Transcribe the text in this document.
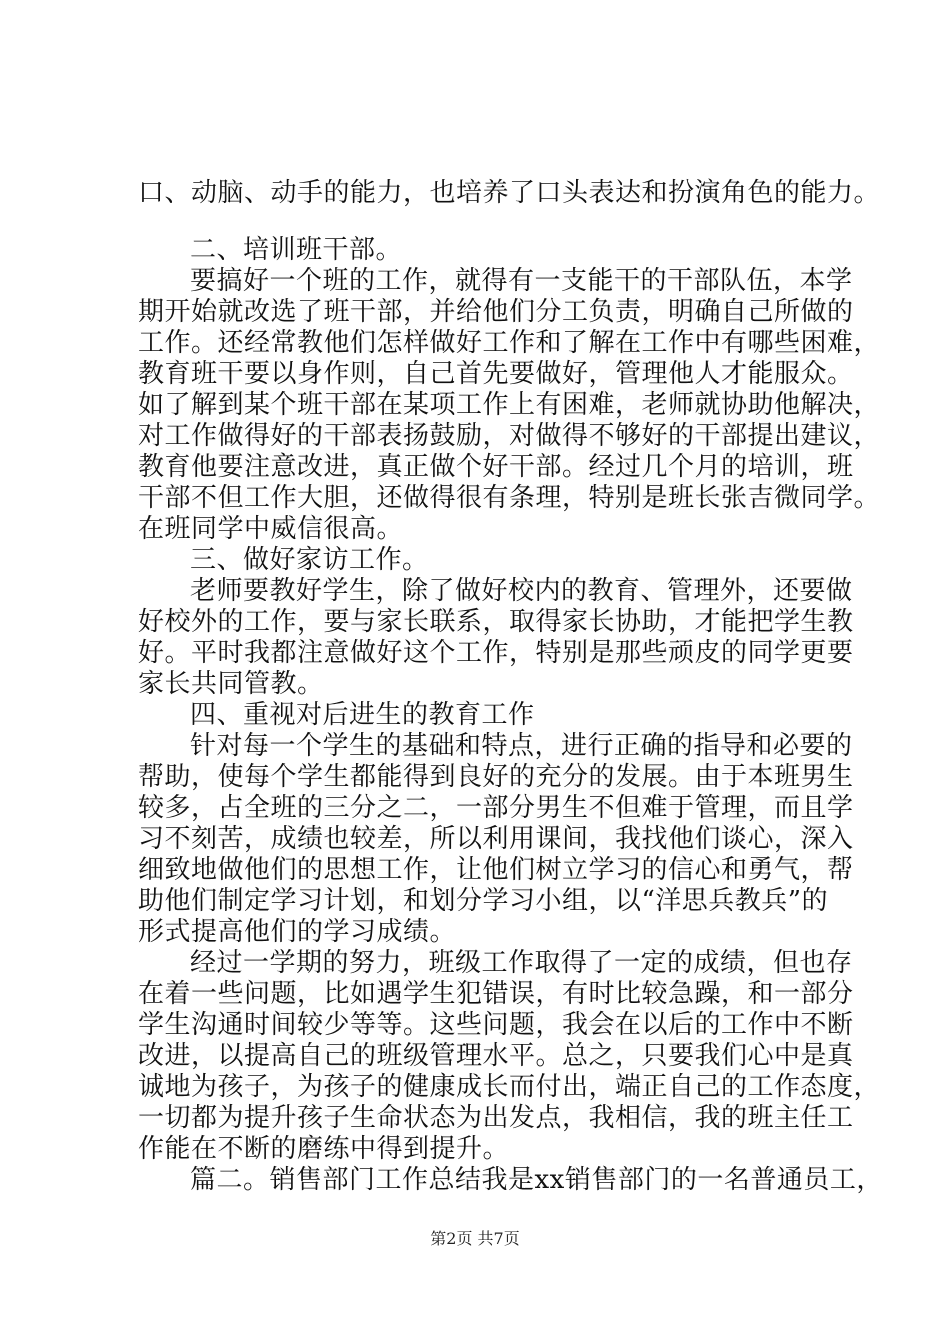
口、动脑、动手的能力，也培养了口头表达和扮演角色的能力。
二、培训班干部。
要搞好一个班的工作，就得有一支能干的干部队伍，本学
期开始就改选了班干部，并给他们分工负责，明确自己所做的
工作。还经常教他们怎样做好工作和了解在工作中有哪些困难，
教育班干要以身作则，自己首先要做好，管理他人才能服众。
如了解到某个班干部在某项工作上有困难，老师就协助他解决，
对工作做得好的干部表扬鼓励，对做得不够好的干部提出建议，
教育他要注意改进，真正做个好干部。经过几个月的培训，班
干部不但工作大胆，还做得很有条理，特别是班长张吉微同学。
在班同学中威信很高。
三、做好家访工作。
老师要教好学生，除了做好校内的教育、管理外，还要做
好校外的工作，要与家长联系，取得家长协助，才能把学生教
好。平时我都注意做好这个工作，特别是那些顽皮的同学更要
家长共同管教。
四、重视对后进生的教育工作
针对每一个学生的基础和特点，进行正确的指导和必要的
帮助，使每个学生都能得到良好的充分的发展。由于本班男生
较多，占全班的三分之二，一部分男生不但难于管理，而且学
习不刻苦，成绩也较差，所以利用课间，我找他们谈心，深入
细致地做他们的思想工作，让他们树立学习的信心和勇气，帮
助他们制定学习计划，和划分学习小组，以“洋思兵教兵”的
形式提高他们的学习成绩。
经过一学期的努力，班级工作取得了一定的成绩，但也存
在着一些问题，比如遇学生犯错误，有时比较急躁，和一部分
学生沟通时间较少等等。这些问题，我会在以后的工作中不断
改进，以提高自己的班级管理水平。总之，只要我们心中是真
诚地为孩子，为孩子的健康成长而付出，端正自己的工作态度，
一切都为提升孩子生命状态为出发点，我相信，我的班主任工
作能在不断的磨练中得到提升。
篇二。销售部门工作总结我是xx销售部门的一名普通员工，
第2页 共7页
